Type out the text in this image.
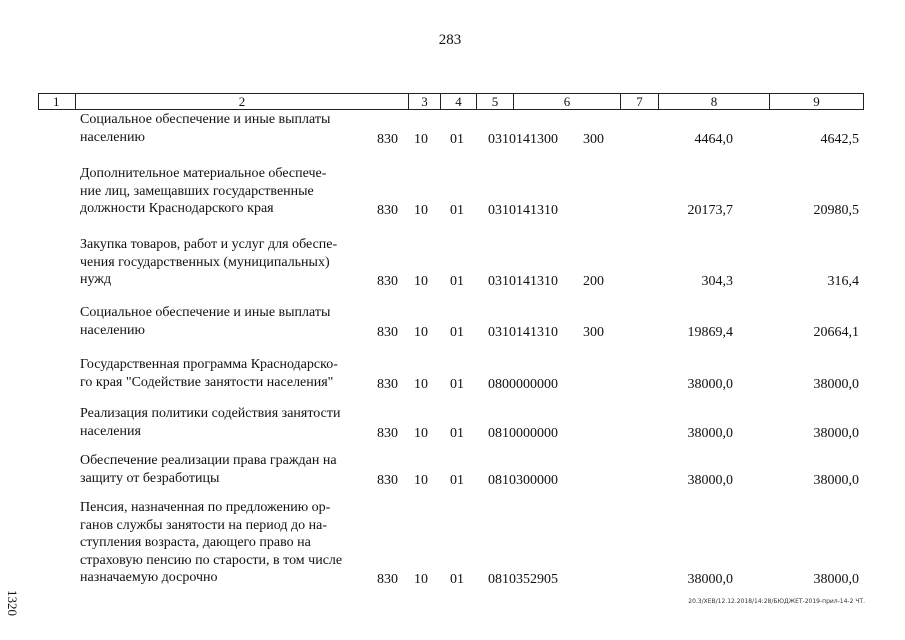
283
1	2	3	4	5	6	7	8	9
Социальное обеспечение и иные выплаты
населению	830 10 01 0310141300 300	4464,0	4642,5
Дополнительное материальное обеспече-
ние лиц, замещавших государственные
должности Краснодарского края	830 10 01 0310141310	20173,7	20980,5
Закупка товаров, работ и услуг для обеспе-
чения государственных (муниципальных)
нужд	830 10 01 0310141310 200	304,3	316,4
Социальное обеспечение и иные выплаты
населению	830 10 01 0310141310 300	19869,4	20664,1
Государственная программа Краснодарско-
го края "Содействие занятости населения"	830 10 01 0800000000	38000,0	38000,0
Реализация политики содействия занятости
населения	830 10 01 0810000000	38000,0	38000,0
Обеспечение реализации права граждан на
защиту от безработицы	830 10 01 0810300000	38000,0	38000,0
Пенсия, назначенная по предложению ор-
ганов службы занятости на период до на-
ступления возраста, дающего право на
страховую пенсию по старости, в том числе
назначаемую досрочно	830 10 01 0810352905	38000,0	38000,0
1320	20.3/ХЕВ/12.12.2018/14:28/БЮДЖЕТ-2019-прил-14-2 ЧТ.
